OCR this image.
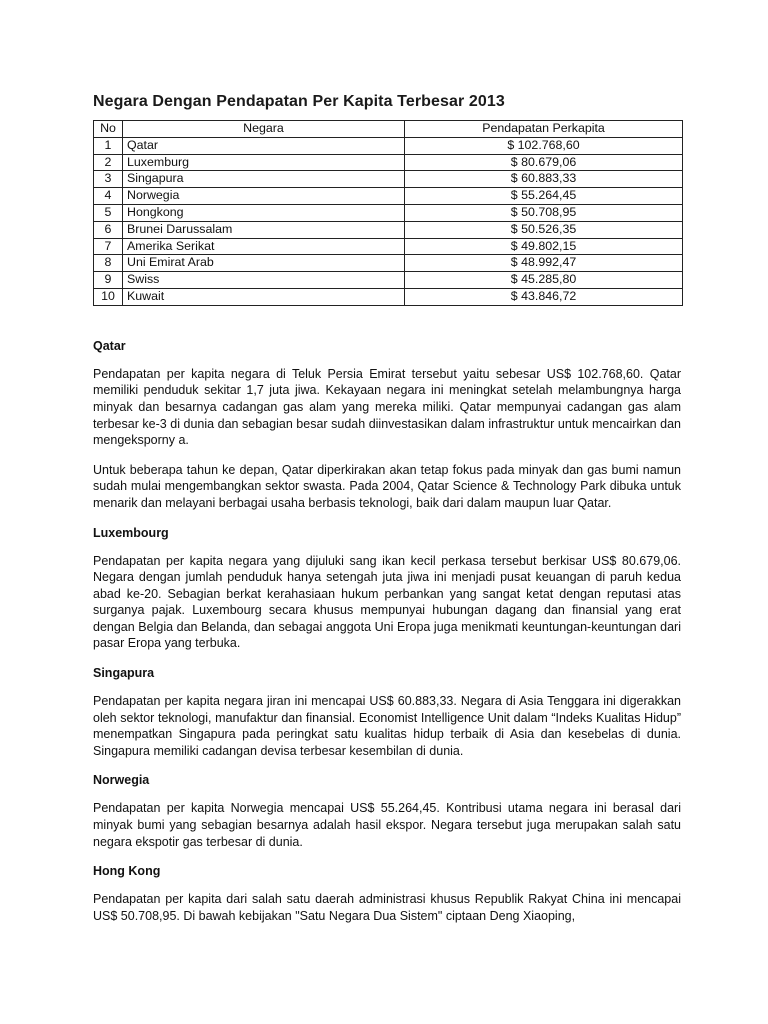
Negara Dengan Pendapatan Per Kapita Terbesar 2013
No	Negara	Pendapatan Perkapita
1	Qatar	$ 102.768,60
2	Luxemburg	$ 80.679,06
3	Singapura	$ 60.883,33
4	Norwegia	$ 55.264,45
5	Hongkong	$ 50.708,95
6	Brunei Darussalam	$ 50.526,35
7	Amerika Serikat	$ 49.802,15
8	Uni Emirat Arab	$ 48.992,47
9	Swiss	$ 45.285,80
10	Kuwait	$ 43.846,72
Qatar

Pendapatan per kapita negara di Teluk Persia Emirat tersebut yaitu sebesar US$ 102.768,60. Qatar memiliki penduduk sekitar 1,7 juta jiwa. Kekayaan negara ini meningkat setelah melambungnya harga minyak dan besarnya cadangan gas alam yang mereka miliki. Qatar mempunyai cadangan gas alam terbesar ke-3 di dunia dan sebagian besar sudah diinvestasikan dalam infrastruktur untuk mencairkan dan mengeksporny a.

Untuk beberapa tahun ke depan, Qatar diperkirakan akan tetap fokus pada minyak dan gas bumi namun sudah mulai mengembangkan sektor swasta. Pada 2004, Qatar Science & Technology Park dibuka untuk menarik dan melayani berbagai usaha berbasis teknologi, baik dari dalam maupun luar Qatar.

Luxembourg

Pendapatan per kapita negara yang dijuluki sang ikan kecil perkasa tersebut berkisar US$ 80.679,06. Negara dengan jumlah penduduk hanya setengah juta jiwa ini menjadi pusat keuangan di paruh kedua abad ke-20. Sebagian berkat kerahasiaan hukum perbankan yang sangat ketat dengan reputasi atas surganya pajak. Luxembourg secara khusus mempunyai hubungan dagang dan finansial yang erat dengan Belgia dan Belanda, dan sebagai anggota Uni Eropa juga menikmati keuntungan-keuntungan dari pasar Eropa yang terbuka.

Singapura

Pendapatan per kapita negara jiran ini mencapai US$ 60.883,33. Negara di Asia Tenggara ini digerakkan oleh sektor teknologi, manufaktur dan finansial. Economist Intelligence Unit dalam “Indeks Kualitas Hidup” menempatkan Singapura pada peringkat satu kualitas hidup terbaik di Asia dan kesebelas di dunia. Singapura memiliki cadangan devisa terbesar kesembilan di dunia.

Norwegia

Pendapatan per kapita Norwegia mencapai US$ 55.264,45. Kontribusi utama negara ini berasal dari minyak bumi yang sebagian besarnya adalah hasil ekspor. Negara tersebut juga merupakan salah satu negara ekspotir gas terbesar di dunia.

Hong Kong

Pendapatan per kapita dari salah satu daerah administrasi khusus Republik Rakyat China ini mencapai US$ 50.708,95. Di bawah kebijakan "Satu Negara Dua Sistem" ciptaan Deng Xiaoping,
